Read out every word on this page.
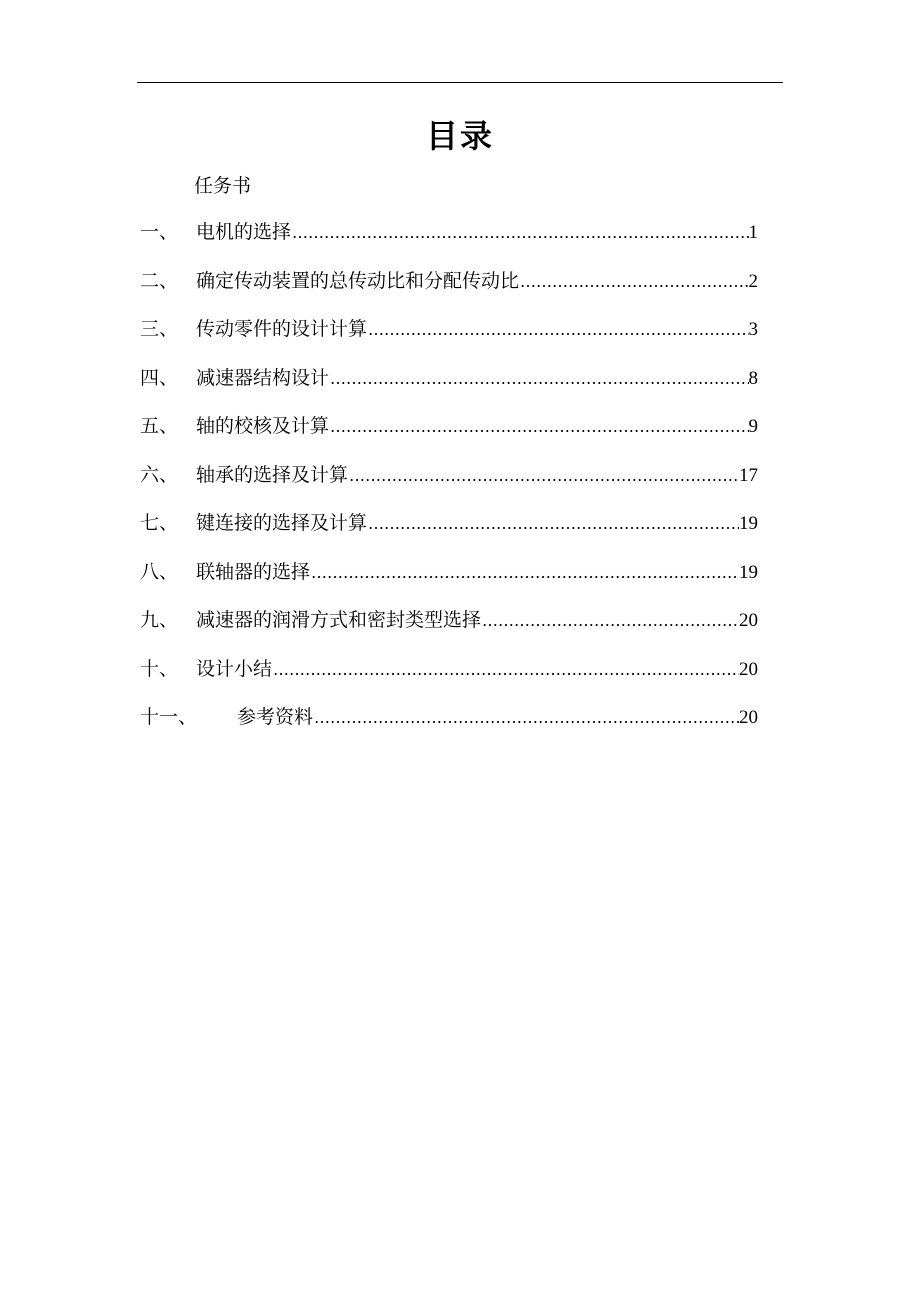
目录
任务书
一、 电机的选择 ……………………………………………………………………………………………………………………………………………………………	1
二、 确定传动装置的总传动比和分配传动比 ……………………………………………………………………………………………………………………………………………………………	2
三、 传动零件的设计计算 ……………………………………………………………………………………………………………………………………………………………	3
四、 减速器结构设计 ……………………………………………………………………………………………………………………………………………………………	8
五、 轴的校核及计算 ……………………………………………………………………………………………………………………………………………………………	9
六、 轴承的选择及计算 ……………………………………………………………………………………………………………………………………………………………	17
七、 键连接的选择及计算 ……………………………………………………………………………………………………………………………………………………………	19
八、 联轴器的选择 ……………………………………………………………………………………………………………………………………………………………	19
九、 减速器的润滑方式和密封类型选择 ……………………………………………………………………………………………………………………………………………………………	20
十、 设计小结 ……………………………………………………………………………………………………………………………………………………………	20
十一、	参考资料 ……………………………………………………………………………………………………………………………………………………………	20
